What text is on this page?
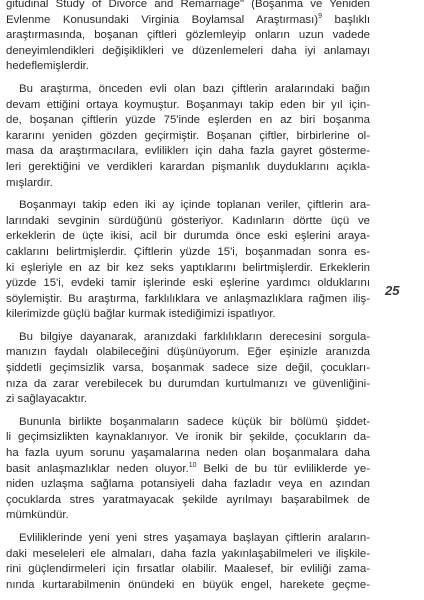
gitudinal Study of Divorce and Remarriage" (Boşanma ve Yeniden
Evlenme Konusundaki Virginia Boylamsal Araştırması)$^9$ başlıklı
araştırmasında, boşanan çiftleri gözlemleyip onların uzun vadede
deneyimlendikleri değişiklikleri ve düzenlemeleri daha iyi anlamayı
hedeflemişlerdir.

Bu araştırma, önceden evli olan bazı çiftlerin aralarındaki bağın
devam ettiğini ortaya koymuştur. Boşanmayı takip eden bir yıl için-
de, boşanan çiftlerin yüzde 75'inde eşlerden en az biri boşanma
kararını yeniden gözden geçirmiştir. Boşanan çiftler, birbirlerine ol-
masa da araştırmacılara, evliliklerı için daha fazla gayret gösterme-
leri gerektiğini ve verdikleri karardan pişmanlık duyduklarını açıkla-
mışlardır.

Boşanmayı takip eden iki ay içinde toplanan veriler, çiftlerin ara-
larındaki sevginin sürdüğünü gösteriyor. Kadınların dörtte üçü ve
erkeklerin de üçte ikisi, acil bir durumda önce eski eşlerini araya-
caklarını belirtmişlerdir. Çiftlerin yüzde 15'i, boşanmadan sonra es-
ki eşleriyle en az bir kez seks yaptıklarını belirtmişlerdir. Erkeklerin
yüzde 15'i, evdeki tamir işlerinde eski eşlerine yardımcı olduklarını
söylemiştir. Bu araştırma, farklılıklara ve anlaşmazlıklara rağmen iliş-
kilerimizde güçlü bağlar kurmak istediğimizi ispatlıyor.

Bu bilgiye dayanarak, aranızdaki farklılıkların derecesini sorgula-
manızın faydalı olabileceğini düşünüyorum. Eğer eşinizle aranızda
şiddetli geçimsizlik varsa, boşanmak sadece size değil, çocukları-
nıza da zarar verebilecek bu durumdan kurtulmanızı ve güvenliğini-
zi sağlayacaktır.

Bununla birlikte boşanmaların sadece küçük bir bölümü şiddet-
li geçimsizlikten kaynaklanıyor. Ve ironik bir şekilde, çocukların da-
ha fazla uyum sorunu yaşamalarına neden olan boşanmalara daha
basit anlaşmazlıklar neden oluyor.$^{10}$ Belki de bu tür evliliklerde ye-
niden uzlaşma sağlama potansiyeli daha fazladır veya en azından
çocuklarda stres yaratmayacak şekilde ayrılmayı başarabilmek de
mümkündür.

Evliliklerinde yeni yeni stres yaşamaya başlayan çiftlerin araların-
daki meseleleri ele almaları, daha fazla yakınlaşabilmeleri ve ilişkile-
rini güçlendirmeleri için fırsatlar olabilir. Maalesef, bir evliliği zama-
nında kurtarabilmenin önündeki en büyük engel, harekete geçme-

25
